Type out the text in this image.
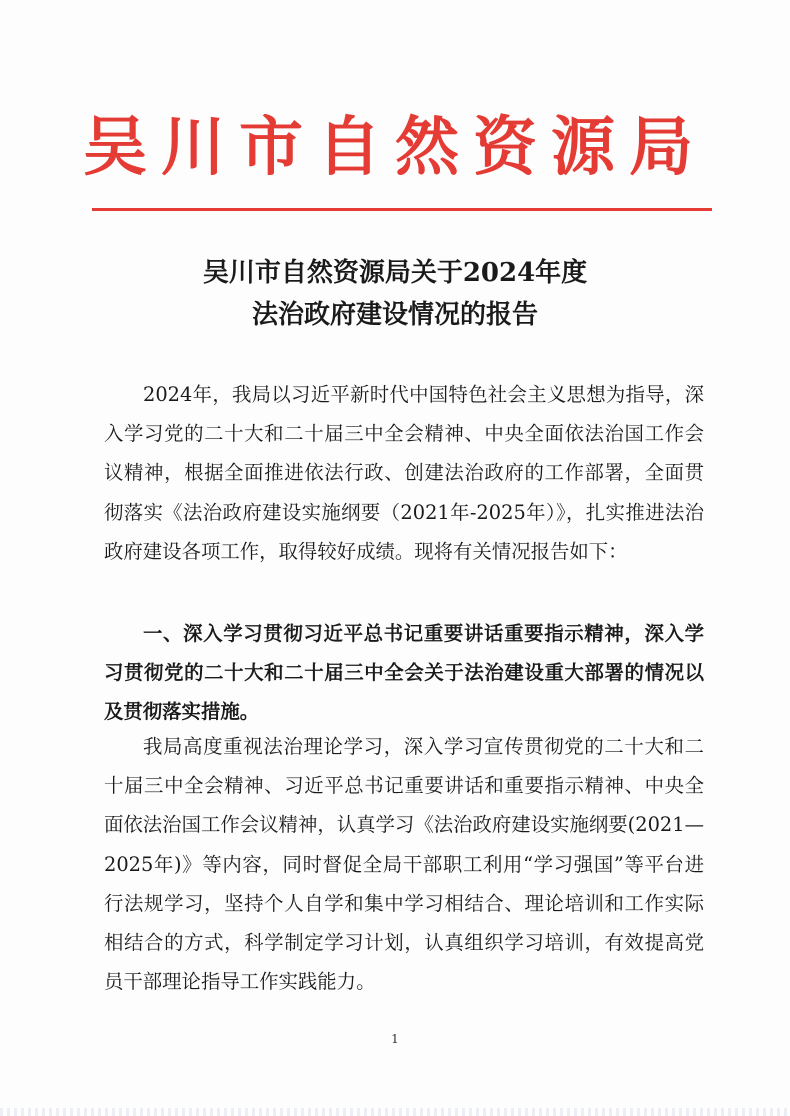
吴川市自然资源局
吴川市自然资源局关于2024年度
法治政府建设情况的报告
2024年，我局以习近平新时代中国特色社会主义思想为指导，深入学习党的二十大和二十届三中全会精神、中央全面依法治国工作会议精神，根据全面推进依法行政、创建法治政府的工作部署，全面贯彻落实《法治政府建设实施纲要（2021年-2025年）》，扎实推进法治政府建设各项工作，取得较好成绩。现将有关情况报告如下：
一、深入学习贯彻习近平总书记重要讲话重要指示精神，深入学习贯彻党的二十大和二十届三中全会关于法治建设重大部署的情况以及贯彻落实措施。
我局高度重视法治理论学习，深入学习宣传贯彻党的二十大和二十届三中全会精神、习近平总书记重要讲话和重要指示精神、中央全面依法治国工作会议精神，认真学习《法治政府建设实施纲要(2021—2025年)》等内容，同时督促全局干部职工利用“学习强国”等平台进行法规学习，坚持个人自学和集中学习相结合、理论培训和工作实际相结合的方式，科学制定学习计划，认真组织学习培训，有效提高党员干部理论指导工作实践能力。
1
